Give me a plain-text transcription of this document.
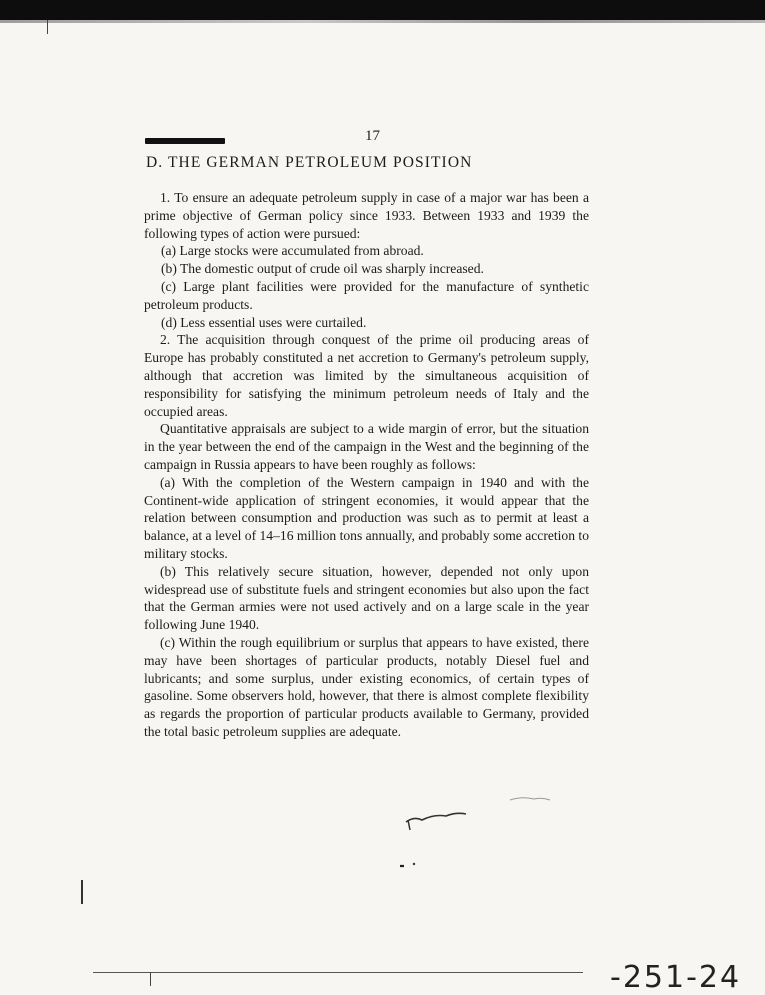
17
D. THE GERMAN PETROLEUM POSITION

1. To ensure an adequate petroleum supply in case of a major war has been a prime objective of German policy since 1933. Between 1933 and 1939 the following types of action were pursued:

(a) Large stocks were accumulated from abroad.

(b) The domestic output of crude oil was sharply increased.

(c) Large plant facilities were provided for the manufacture of synthetic petroleum products.

(d) Less essential uses were curtailed.

2. The acquisition through conquest of the prime oil producing areas of Europe has probably constituted a net accretion to Germany's petroleum supply, although that accretion was limited by the simultaneous acquisition of responsibility for satisfying the minimum petroleum needs of Italy and the occupied areas.

Quantitative appraisals are subject to a wide margin of error, but the situation in the year between the end of the campaign in the West and the beginning of the campaign in Russia appears to have been roughly as follows:

(a) With the completion of the Western campaign in 1940 and with the Continent-wide application of stringent economies, it would appear that the relation between consumption and production was such as to permit at least a balance, at a level of 14–16 million tons annually, and probably some accretion to military stocks.

(b) This relatively secure situation, however, depended not only upon widespread use of substitute fuels and stringent economies but also upon the fact that the German armies were not used actively and on a large scale in the year following June 1940.

(c) Within the rough equilibrium or surplus that appears to have existed, there may have been shortages of particular products, notably Diesel fuel and lubricants; and some surplus, under existing economics, of certain types of gasoline. Some observers hold, however, that there is almost complete flexibility as regards the proportion of particular products available to Germany, provided the total basic petroleum supplies are adequate.

-251-24
